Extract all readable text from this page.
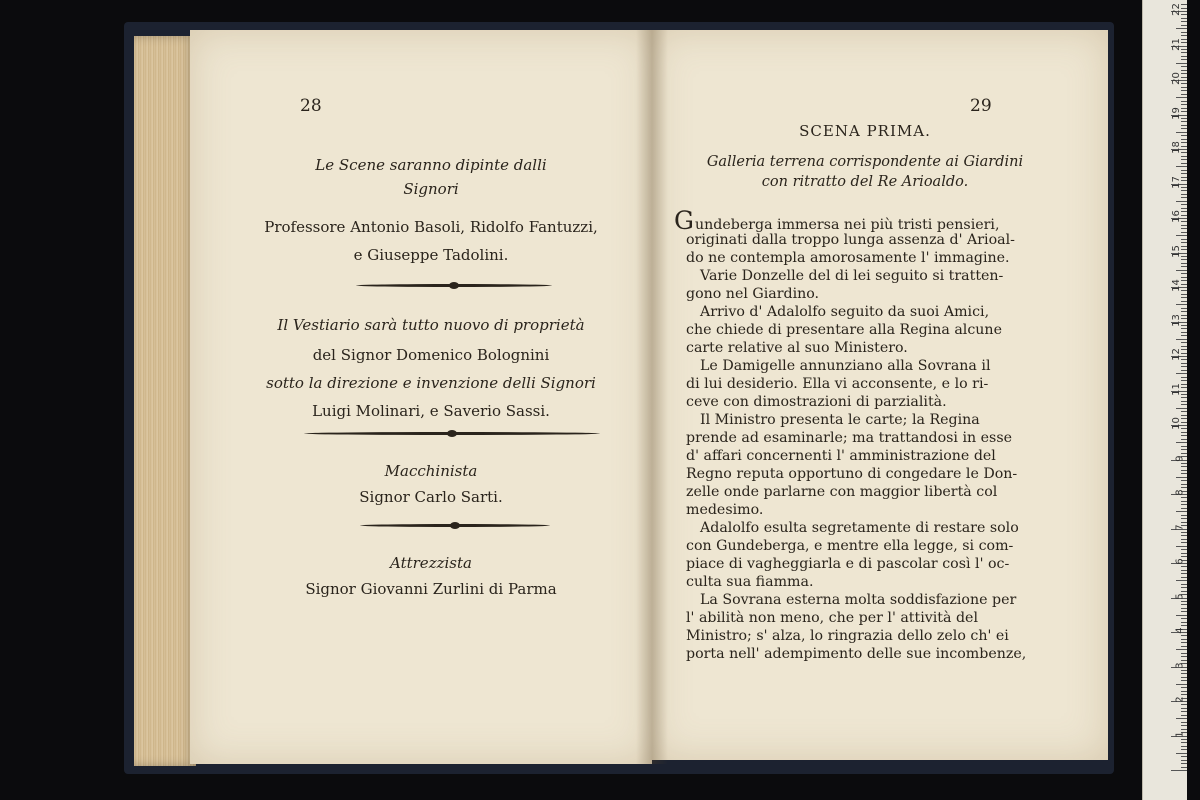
28
Le Scene saranno dipinte dalli
Signori
Professore Antonio Basoli, Ridolfo Fantuzzi,
e Giuseppe Tadolini.
Il Vestiario sarà tutto nuovo di proprietà
del Signor Domenico Bolognini
sotto la direzione e invenzione delli Signori
Luigi Molinari, e Saverio Sassi.
Macchinista
Signor Carlo Sarti.
Attrezzista
Signor Giovanni Zurlini di Parma
29
SCENA PRIMA.
Galleria terrena corrispondente ai Giardini
con ritratto del Re Arioaldo.
Gundeberga immersa nei più tristi pensieri,
originati dalla troppo lunga assenza d' Arioal-
do ne contempla amorosamente l' immagine.
Varie Donzelle del di lei seguito si tratten-
gono nel Giardino.
Arrivo d' Adalolfo seguito da suoi Amici,
che chiede di presentare alla Regina alcune
carte relative al suo Ministero.
Le Damigelle annunziano alla Sovrana il
di lui desiderio. Ella vi acconsente, e lo ri-
ceve con dimostrazioni di parzialità.
Il Ministro presenta le carte; la Regina
prende ad esaminarle; ma trattandosi in esse
d' affari concernenti l' amministrazione del
Regno reputa opportuno di congedare le Don-
zelle onde parlarne con maggior libertà col
medesimo.
Adalolfo esulta segretamente di restare solo
con Gundeberga, e mentre ella legge, si com-
piace di vagheggiarla e di pascolar così l' oc-
culta sua fiamma.
La Sovrana esterna molta soddisfazione per
l' abilità non meno, che per l' attività del
Ministro; s' alza, lo ringrazia dello zelo ch' ei
porta nell' adempimento delle sue incombenze,
1
2
3
4
5
6
7
8
9
10
11
12
13
14
15
16
17
18
19
20
21
22
